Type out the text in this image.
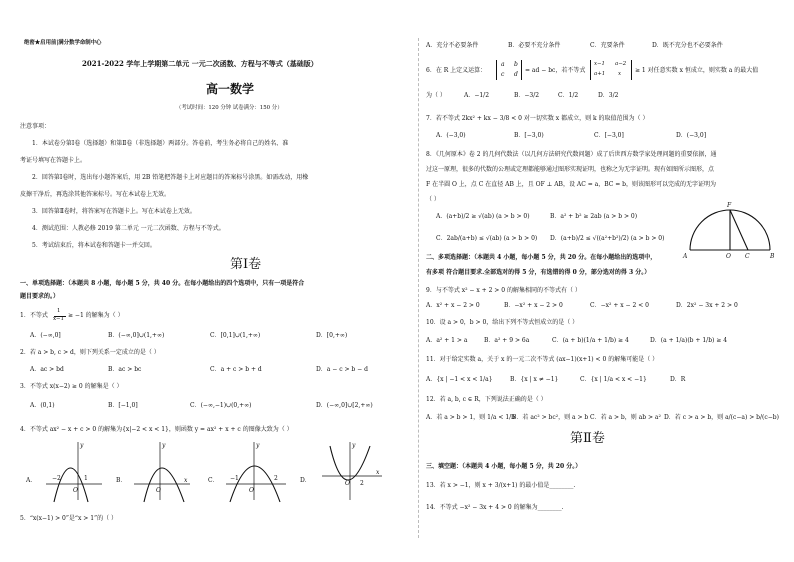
绝密★启用前|满分数学命制中心
2021-2022 学年上学期第二单元 一元二次函数、方程与不等式（基础版）
高一数学
（考试时间：120 分钟 试卷满分：150 分）
注意事项：
1．本试卷分第Ⅰ卷（选择题）和第Ⅱ卷（非选择题）两部分。答卷前，考生务必将自己的姓名、准
考证号填写在答题卡上。
2．回答第Ⅰ卷时，选出每小题答案后，用 2B 铅笔把答题卡上对应题目的答案标号涂黑。如需改动，用橡
皮擦干净后，再选涂其他答案标号。写在本试卷上无效。
3．回答第Ⅱ卷时，将答案写在答题卡上。写在本试卷上无效。
4．测试范围：人教必修 2019 第二单元 一元二次函数、方程与不等式。
5．考试结束后，将本试卷和答题卡一并交回。
第Ⅰ卷
一、单项选择题：（本题共 8 小题，每小题 5 分，共 40 分。在每小题给出的四个选项中，只有一项是符合
题目要求的。）
1．不等式
1
x−1 ≥ −1 的解集为（ ）
A．(−∞,0]	B．(−∞,0]∪(1,+∞)	C．[0,1]∪(1,+∞)	D．[0,+∞)
2．若 a > b, c > d，则下列关系一定成立的是（ ）
A．ac > bd	B．ac > bc	C．a + c > b + d	D．a − c > b − d
3．不等式 x(x−2) ≥ 0 的解集是（ ）
A．(0,1)	B．[−1,0]	C．(−∞,−1)∪(0,+∞)	D．(−∞,0]∪[2,+∞)
4．不等式 ax² − x + c > 0 的解集为{x|−2 < x < 1}，则函数 y = ax² + x + c 的图像大致为（ ）
A．
y
−2	1
O
B．
y
x
O
C．
y
−1	2
O
D．
y
x
2
O
5．“x(x−1) > 0”是“x > 1”的（ ）
A．充分不必要条件	B．必要不充分条件	C．充要条件	D．既不充分也不必要条件
6．在 R 上定义运算：
a b
c d
= ad − bc，若不等式
x−1 a−2
a+1 x ≥ 1 对任意实数 x 恒成立，则实数 a 的最大值
为（ ）	A．−1/2	B．−3/2	C．1/2	D．3/2
7．若不等式 2kx² + kx − 3/8 < 0 对一切实数 x 都成立，则 k 的取值范围为（ ）
A．(−3,0)	B．[−3,0)	C．[−3,0]	D．(−3,0]
8．《几何原本》卷 2 的几何代数法（以几何方法研究代数问题）成了后世西方数学家处理问题的重要依据，通
过这一原理，很多的代数的公理或定理都能够通过图形实现证明，也称之为无字证明。现有如图所示图形，点
F 在半圆 O 上，点 C 在直径 AB 上，且 OF ⊥ AB，设 AC = a，BC = b，则该图形可以完成的无字证明为
（ ）
A．(a+b)/2 ≥ √(ab) (a > b > 0)	B．a² + b² ≥ 2ab (a > b > 0)
C．2ab/(a+b) ≤ √(ab) (a > b > 0) D．(a+b)/2 ≤ √((a²+b²)/2) (a > b > 0)
F
A	O C	B
二、多项选择题：（本题共 4 小题，每小题 5 分，共 20 分。在每小题给出的选项中，
有多项 符合题目要求.全部选对的得 5 分，有选错的得 0 分，部分选对的得 3 分。）
9．与不等式 x² − x + 2 > 0 的解集相同的不等式有（ ）
A．x² + x − 2 > 0	B．−x² + x − 2 > 0	C．−x² + x − 2 < 0	D．2x² − 3x + 2 > 0
10．设 a > 0，b > 0，给出下列不等式恒成立的是（ ）
A．a² + 1 > a	B．a² + 9 > 6a	C．(a + b)(1/a + 1/b) ≥ 4	D．(a + 1/a)(b + 1/b) ≥ 4
11．对于给定实数 a，关于 x 的一元二次不等式 (ax−1)(x+1) < 0 的解集可能是（ ）
A．{x | −1 < x < 1/a}	B．{x | x ≠ −1}	C．{x | 1/a < x < −1}	D．R
12．若 a, b, c ∈ R，下列说法正确的是（ ）
A．若 a > b > 1，则 1/a < 1/b
B．若 ac² > bc²，则 a > b C．若 a > b，则 ab > a² D．若 c > a > b，则 a/(c−a) > b/(c−b)
第Ⅱ卷
三、填空题：（本题共 4 小题，每小题 5 分，共 20 分。）
13．若 x > −1，则 x + 3/(x+1) 的最小值是________.
14．不等式 −x² − 3x + 4 > 0 的解集为________.
